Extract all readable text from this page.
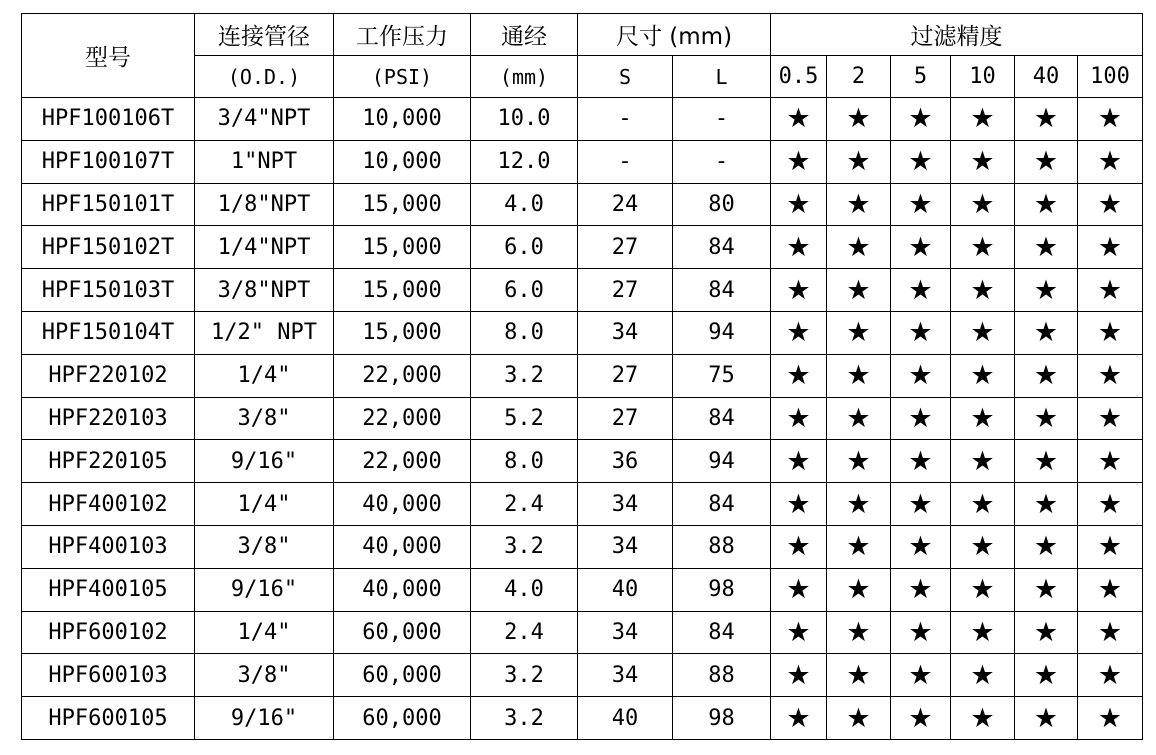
型号	连接管径	工作压力	通经	尺寸 (mm)		过滤精度					
	(O.D.)	(PSI)	(mm)	S	L	0.5	2	5	10	40	100
HPF100106T	3/4"NPT	10,000	10.0	-	-	★	★	★	★	★	★
HPF100107T	1"NPT	10,000	12.0	-	-	★	★	★	★	★	★
HPF150101T	1/8"NPT	15,000	4.0	24	80	★	★	★	★	★	★
HPF150102T	1/4"NPT	15,000	6.0	27	84	★	★	★	★	★	★
HPF150103T	3/8"NPT	15,000	6.0	27	84	★	★	★	★	★	★
HPF150104T	1/2" NPT	15,000	8.0	34	94	★	★	★	★	★	★
HPF220102	1/4"	22,000	3.2	27	75	★	★	★	★	★	★
HPF220103	3/8"	22,000	5.2	27	84	★	★	★	★	★	★
HPF220105	9/16"	22,000	8.0	36	94	★	★	★	★	★	★
HPF400102	1/4"	40,000	2.4	34	84	★	★	★	★	★	★
HPF400103	3/8"	40,000	3.2	34	88	★	★	★	★	★	★
HPF400105	9/16"	40,000	4.0	40	98	★	★	★	★	★	★
HPF600102	1/4"	60,000	2.4	34	84	★	★	★	★	★	★
HPF600103	3/8"	60,000	3.2	34	88	★	★	★	★	★	★
HPF600105	9/16"	60,000	3.2	40	98	★	★	★	★	★	★
